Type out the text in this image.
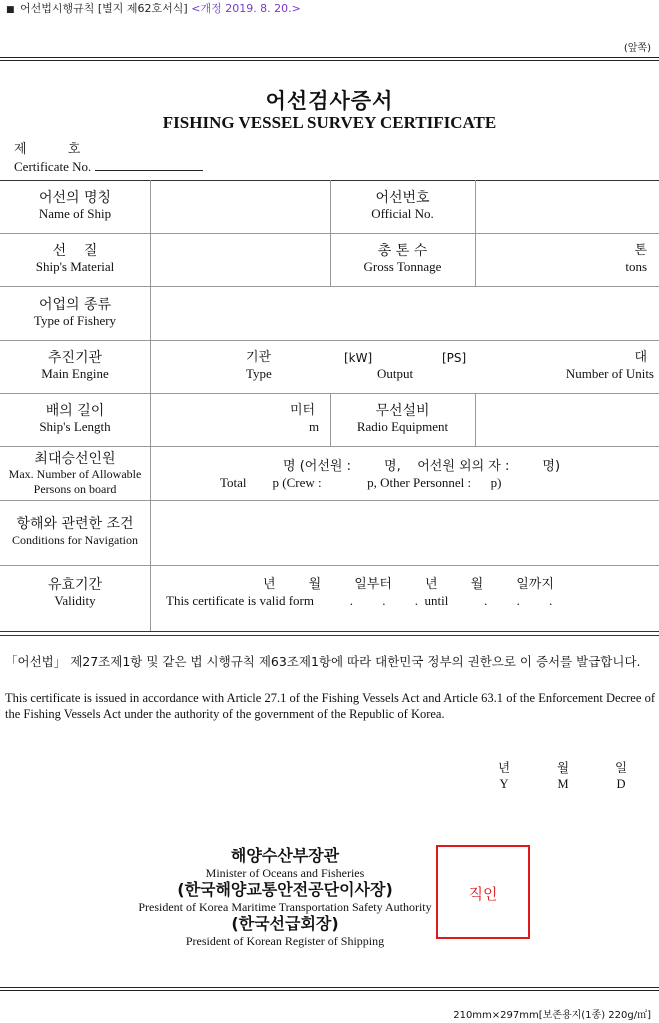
■ 어선법시행규칙 [별지 제62호서식] <개정 2019. 8. 20.>
(앞쪽)
어선검사증서
FISHING VESSEL SURVEY CERTIFICATE
제          호
Certificate No.
어선의 명칭
Name of Ship
어선번호
Official No.
선    질
Ship's Material
총 톤 수
Gross Tonnage
톤
tons
어업의 종류
Type of Fishery
추진기관
Main Engine
기관
Type
[kW]	[PS]
Output
대
Number of Units
배의 길이
Ship's Length
미터
m
무선설비
Radio Equipment
최대승선인원
Max. Number of Allowable
Persons on board
명 (어선원 :        명,    어선원 외의 자 :        명)
Total        p (Crew :              p, Other Personnel :      p)
항해와 관련한 조건
Conditions for Navigation
유효기간
Validity
년        월        일부터        년        월        일까지
This certificate is valid form           .         .         .  until           .         .         .
「어선법」 제27조제1항 및 같은 법 시행규칙 제63조제1항에 따라 대한민국 정부의 권한으로 이 증서를 발급합니다.
This certificate is issued in accordance with Article 27.1 of the Fishing Vessels Act and Article 63.1 of the Enforcement Decree of the Fishing Vessels Act under the authority of the government of the Republic of Korea.
년
Y
월
M
일
D
해양수산부장관
Minister of Oceans and Fisheries
(한국해양교통안전공단이사장)
President of Korea Maritime Transportation Safety Authority
(한국선급회장)
President of Korean Register of Shipping
직인
210mm×297mm[보존용지(1종) 220g/㎡]
